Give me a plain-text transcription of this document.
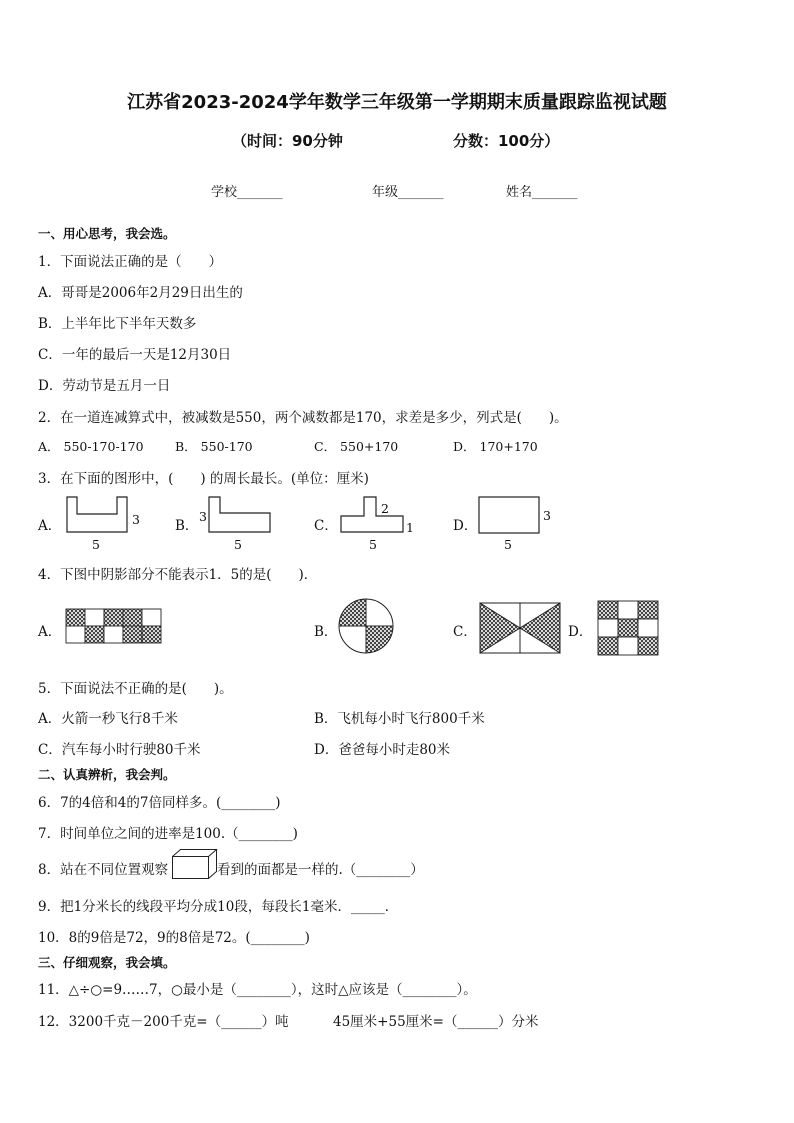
江苏省2023-2024学年数学三年级第一学期期末质量跟踪监视试题
（时间：90分钟	分数：100分）
学校_______	年级_______	姓名_______
一、用心思考，我会选。
1．下面说法正确的是（　　）
A．哥哥是2006年2月29日出生的
B．上半年比下半年天数多
C．一年的最后一天是12月30日
D．劳动节是五月一日
2．在一道连减算式中，被减数是550，两个减数都是170，求差是多少，列式是(　　)。
A． 550-170-170	B． 550-170	C． 550+170	D． 170+170
3．在下面的图形中，(　　) 的周长最长。(单位：厘米)
A．	3
5
B．
3
5
C．
2
1
5
D．
3
5
4．下图中阴影部分不能表示1．5的是(　　)．
A．	B．	C．	D．
5．下面说法不正确的是(　　)。
A．火箭一秒飞行8千米	B．飞机每小时飞行800千米
C．汽车每小时行驶80千米	D．爸爸每小时走80米
二、认真辨析，我会判。
6．7的4倍和4的7倍同样多。(________)
7．时间单位之间的进率是100.（________)
8．站在不同位置观察	看到的面都是一样的.（________）
9．把1分米长的线段平均分成10段，每段长1毫米．_____．
10．8的9倍是72，9的8倍是72。(________)
三、仔细观察，我会填。
11．△÷○=9……7，○最小是（________），这时△应该是（________）。
12．3200千克－200千克=（______）吨	45厘米+55厘米=（______）分米
